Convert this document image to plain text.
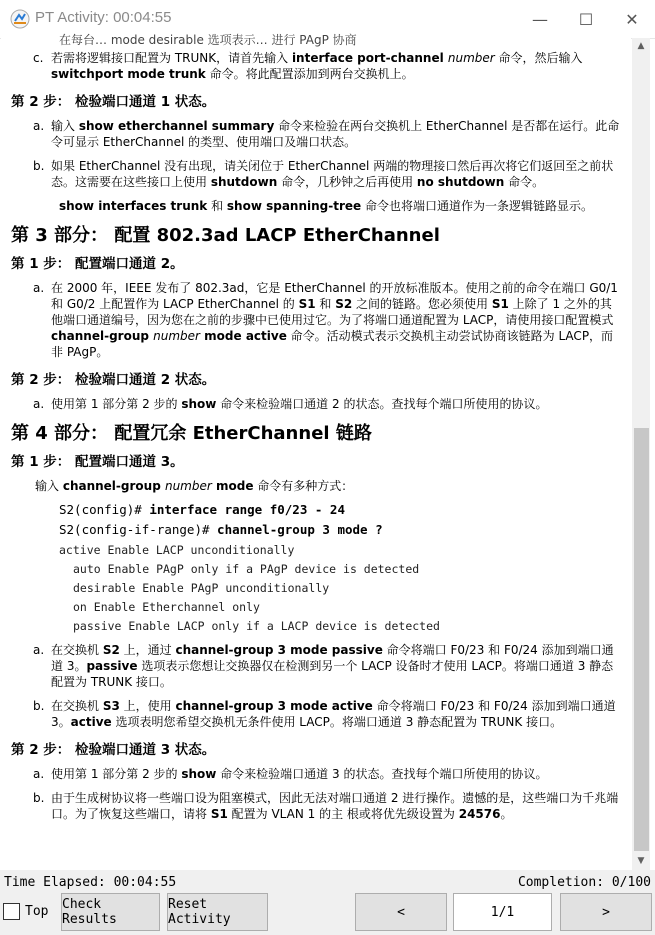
PT Activity: 00:04:55	— ☐ ✕
在每台… mode desirable 选项表示… 进行 PAgP 协商
c. 若需将逻辑接口配置为 TRUNK，请首先输入 interface port-channel number 命令，然后输入 switchport mode trunk 命令。将此配置添加到两台交换机上。
第 2 步： 检验端口通道 1 状态。
a. 输入 show etherchannel summary 命令来检验在两台交换机上 EtherChannel 是否都在运行。此命令可显示 EtherChannel 的类型、使用端口及端口状态。
b. 如果 EtherChannel 没有出现，请关闭位于 EtherChannel 两端的物理接口然后再次将它们返回至之前状态。这需要在这些接口上使用 shutdown 命令，几秒钟之后再使用 no shutdown 命令。
show interfaces trunk 和 show spanning-tree 命令也将端口通道作为一条逻辑链路显示。
第 3 部分： 配置 802.3ad LACP EtherChannel
第 1 步： 配置端口通道 2。
a. 在 2000 年，IEEE 发布了 802.3ad，它是 EtherChannel 的开放标准版本。使用之前的命令在端口 G0/1 和 G0/2 上配置作为 LACP EtherChannel 的 S1 和 S2 之间的链路。您必须使用 S1 上除了 1 之外的其他端口通道编号，因为您在之前的步骤中已使用过它。为了将端口通道配置为 LACP，请使用接口配置模式 channel-group number mode active 命令。活动模式表示交换机主动尝试协商该链路为 LACP，而非 PAgP。
第 2 步： 检验端口通道 2 状态。
a. 使用第 1 部分第 2 步的 show 命令来检验端口通道 2 的状态。查找每个端口所使用的协议。
第 4 部分： 配置冗余 EtherChannel 链路
第 1 步： 配置端口通道 3。
输入 channel-group number mode 命令有多种方式：
S2(config)# interface range f0/23 - 24
S2(config-if-range)# channel-group 3 mode ?
active Enable LACP unconditionally
auto Enable PAgP only if a PAgP device is detected
desirable Enable PAgP unconditionally
on Enable Etherchannel only
passive Enable LACP only if a LACP device is detected
a. 在交换机 S2 上，通过 channel-group 3 mode passive 命令将端口 F0/23 和 F0/24 添加到端口通道 3。passive 选项表示您想让交换器仅在检测到另一个 LACP 设备时才使用 LACP。将端口通道 3 静态配置为 TRUNK 接口。
b. 在交换机 S3 上，使用 channel-group 3 mode active 命令将端口 F0/23 和 F0/24 添加到端口通道 3。active 选项表明您希望交换机无条件使用 LACP。将端口通道 3 静态配置为 TRUNK 接口。
第 2 步： 检验端口通道 3 状态。
a. 使用第 1 部分第 2 步的 show 命令来检验端口通道 3 的状态。查找每个端口所使用的协议。
b. 由于生成树协议将一些端口设为阻塞模式，因此无法对端口通道 2 进行操作。遗憾的是，这些端口为千兆端口。为了恢复这些端口，请将 S1 配置为 VLAN 1 的主 根或将优先级设置为 24576。
▲
▼
Time Elapsed: 00:04:55	Completion: 0/100
Top Check Results
Reset Activity	<	1/1	>
